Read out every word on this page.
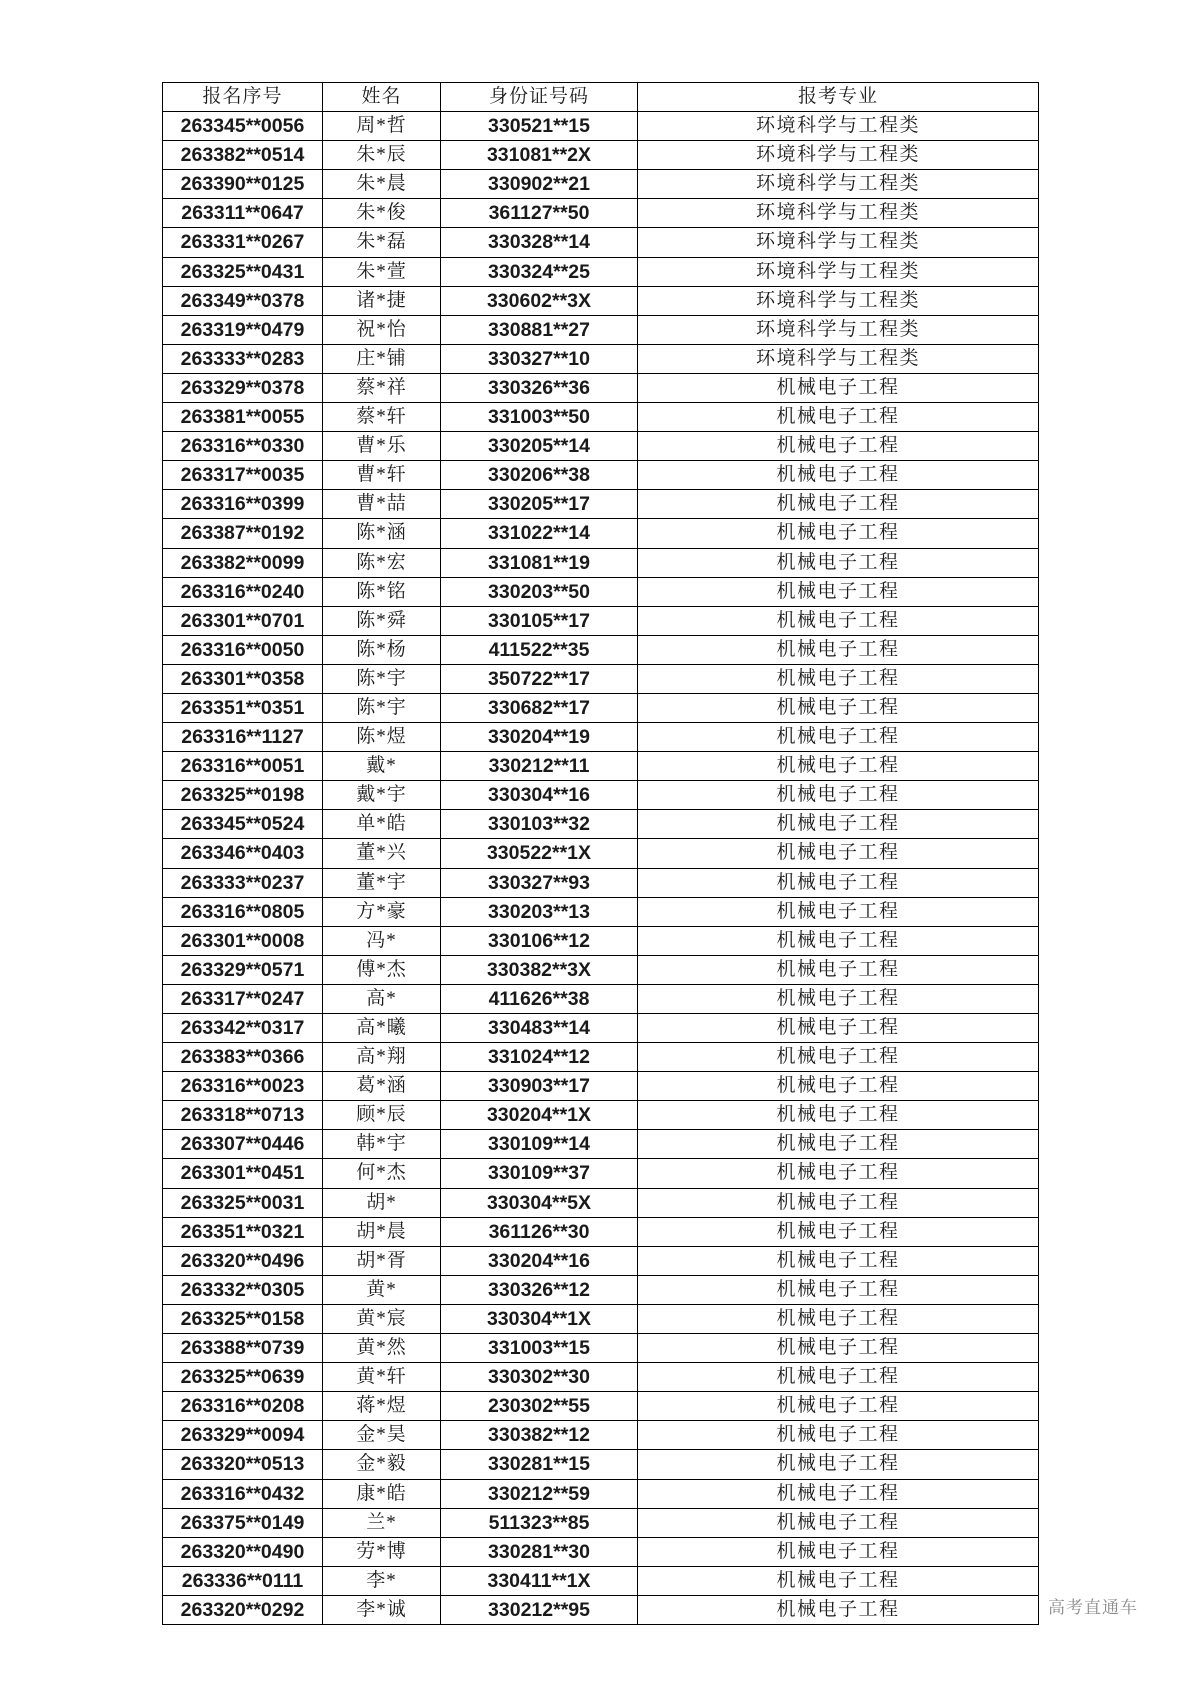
报名序号	姓名	身份证号码	报考专业
263345**0056	周*哲	330521**15	环境科学与工程类
263382**0514	朱*辰	331081**2X	环境科学与工程类
263390**0125	朱*晨	330902**21	环境科学与工程类
263311**0647	朱*俊	361127**50	环境科学与工程类
263331**0267	朱*磊	330328**14	环境科学与工程类
263325**0431	朱*萱	330324**25	环境科学与工程类
263349**0378	诸*捷	330602**3X	环境科学与工程类
263319**0479	祝*怡	330881**27	环境科学与工程类
263333**0283	庄*铺	330327**10	环境科学与工程类
263329**0378	蔡*祥	330326**36	机械电子工程
263381**0055	蔡*轩	331003**50	机械电子工程
263316**0330	曹*乐	330205**14	机械电子工程
263317**0035	曹*轩	330206**38	机械电子工程
263316**0399	曹*喆	330205**17	机械电子工程
263387**0192	陈*涵	331022**14	机械电子工程
263382**0099	陈*宏	331081**19	机械电子工程
263316**0240	陈*铭	330203**50	机械电子工程
263301**0701	陈*舜	330105**17	机械电子工程
263316**0050	陈*杨	411522**35	机械电子工程
263301**0358	陈*宇	350722**17	机械电子工程
263351**0351	陈*宇	330682**17	机械电子工程
263316**1127	陈*煜	330204**19	机械电子工程
263316**0051	戴*	330212**11	机械电子工程
263325**0198	戴*宇	330304**16	机械电子工程
263345**0524	单*皓	330103**32	机械电子工程
263346**0403	董*兴	330522**1X	机械电子工程
263333**0237	董*宇	330327**93	机械电子工程
263316**0805	方*豪	330203**13	机械电子工程
263301**0008	冯*	330106**12	机械电子工程
263329**0571	傅*杰	330382**3X	机械电子工程
263317**0247	高*	411626**38	机械电子工程
263342**0317	高*曦	330483**14	机械电子工程
263383**0366	高*翔	331024**12	机械电子工程
263316**0023	葛*涵	330903**17	机械电子工程
263318**0713	顾*辰	330204**1X	机械电子工程
263307**0446	韩*宇	330109**14	机械电子工程
263301**0451	何*杰	330109**37	机械电子工程
263325**0031	胡*	330304**5X	机械电子工程
263351**0321	胡*晨	361126**30	机械电子工程
263320**0496	胡*胥	330204**16	机械电子工程
263332**0305	黄*	330326**12	机械电子工程
263325**0158	黄*宸	330304**1X	机械电子工程
263388**0739	黄*然	331003**15	机械电子工程
263325**0639	黄*轩	330302**30	机械电子工程
263316**0208	蒋*煜	230302**55	机械电子工程
263329**0094	金*昊	330382**12	机械电子工程
263320**0513	金*毅	330281**15	机械电子工程
263316**0432	康*皓	330212**59	机械电子工程
263375**0149	兰*	511323**85	机械电子工程
263320**0490	劳*博	330281**30	机械电子工程
263336**0111	李*	330411**1X	机械电子工程
263320**0292	李*诚	330212**95	机械电子工程	高考直通车
